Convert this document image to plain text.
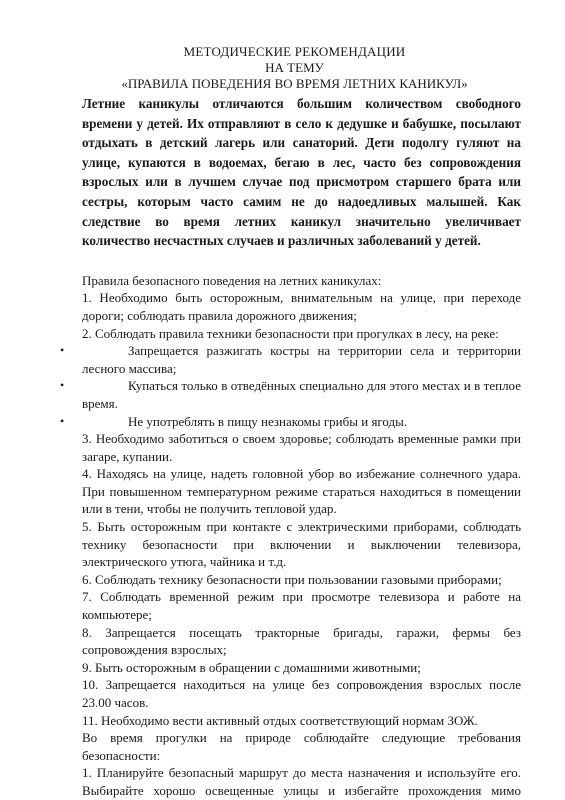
МЕТОДИЧЕСКИЕ РЕКОМЕНДАЦИИ
НА ТЕМУ
«ПРАВИЛА ПОВЕДЕНИЯ ВО ВРЕМЯ ЛЕТНИХ КАНИКУЛ»
Летние каникулы отличаются большим количеством свободного
времени у детей. Их отправляют в село к дедушке и бабушке, посылают
отдыхать в детский лагерь или санаторий. Дети подолгу гуляют на
улице, купаются в водоемах, бегаю в лес, часто без сопровождения
взрослых или в лучшем случае под присмотром старшего брата или
сестры, которым часто самим не до надоедливых малышей. Как
следствие во время летних каникул значительно увеличивает
количество несчастных случаев и различных заболеваний у детей.
Правила безопасного поведения на летних каникулах:
1. Необходимо быть осторожным, внимательным на улице, при переходе
дороги; соблюдать правила дорожного движения;
2. Соблюдать правила техники безопасности при прогулках в лесу, на реке:
•	Запрещается разжигать костры на территории села и территории
лесного массива;
•	Купаться только в отведённых специально для этого местах и в теплое
время.
•	Не употреблять в пищу незнакомы грибы и ягоды.
3. Необходимо заботиться о своем здоровье; соблюдать временные рамки при
загаре, купании.
4. Находясь на улице, надеть головной убор во избежание солнечного удара.
При повышенном температурном режиме стараться находиться в помещении
или в тени, чтобы не получить тепловой удар.
5. Быть осторожным при контакте с электрическими приборами, соблюдать
технику безопасности при включении и выключении телевизора,
электрического утюга, чайника и т.д.
6. Соблюдать технику безопасности при пользовании газовыми приборами;
7. Соблюдать временной режим при просмотре телевизора и работе на
компьютере;
8. Запрещается посещать тракторные бригады, гаражи, фермы без
сопровождения взрослых;
9. Быть осторожным в обращении с домашними животными;
10. Запрещается находиться на улице без сопровождения взрослых после
23.00 часов.
11. Необходимо вести активный отдых соответствующий нормам ЗОЖ.
Во время прогулки на природе соблюдайте следующие требования
безопасности:
1. Планируйте безопасный маршрут до места назначения и используйте его.
Выбирайте хорошо освещенные улицы и избегайте прохождения мимо
